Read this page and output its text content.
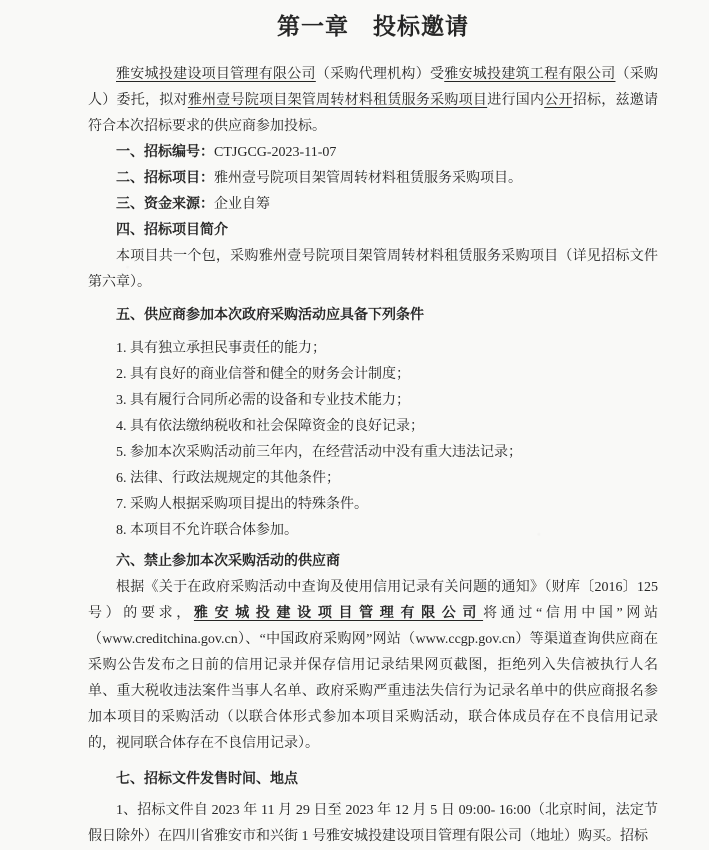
第一章　投标邀请

雅安城投建设项目管理有限公司（采购代理机构）受雅安城投建筑工程有限公司（采购人）委托，拟对雅州壹号院项目架管周转材料租赁服务采购项目进行国内公开招标，兹邀请符合本次招标要求的供应商参加投标。

一、招标编号：CTJGCG-2023-11-07

二、招标项目：雅州壹号院项目架管周转材料租赁服务采购项目。

三、资金来源：企业自筹

四、招标项目简介

本项目共一个包，采购雅州壹号院项目架管周转材料租赁服务采购项目（详见招标文件第六章）。

五、供应商参加本次政府采购活动应具备下列条件

1. 具有独立承担民事责任的能力；

2. 具有良好的商业信誉和健全的财务会计制度；

3. 具有履行合同所必需的设备和专业技术能力；

4. 具有依法缴纳税收和社会保障资金的良好记录；

5. 参加本次采购活动前三年内，在经营活动中没有重大违法记录；

6. 法律、行政法规规定的其他条件；

7. 采购人根据采购项目提出的特殊条件。

8. 本项目不允许联合体参加。

六、禁止参加本次采购活动的供应商

根据《关于在政府采购活动中查询及使用信用记录有关问题的通知》（财库〔2016〕125号）的要求，雅安城投建设项目管理有限公司将通过“信用中国”网站（www.creditchina.gov.cn）、“中国政府采购网”网站（www.ccgp.gov.cn）等渠道查询供应商在采购公告发布之日前的信用记录并保存信用记录结果网页截图，拒绝列入失信被执行人名单、重大税收违法案件当事人名单、政府采购严重违法失信行为记录名单中的供应商报名参加本项目的采购活动（以联合体形式参加本项目采购活动，联合体成员存在不良信用记录的，视同联合体存在不良信用记录）。

七、招标文件发售时间、地点

1、招标文件自 2023 年 11 月 29 日至 2023 年 12 月 5 日 09:00- 16:00（北京时间，法定节假日除外）在四川省雅安市和兴街 1 号雅安城投建设项目管理有限公司（地址）购买。招标
